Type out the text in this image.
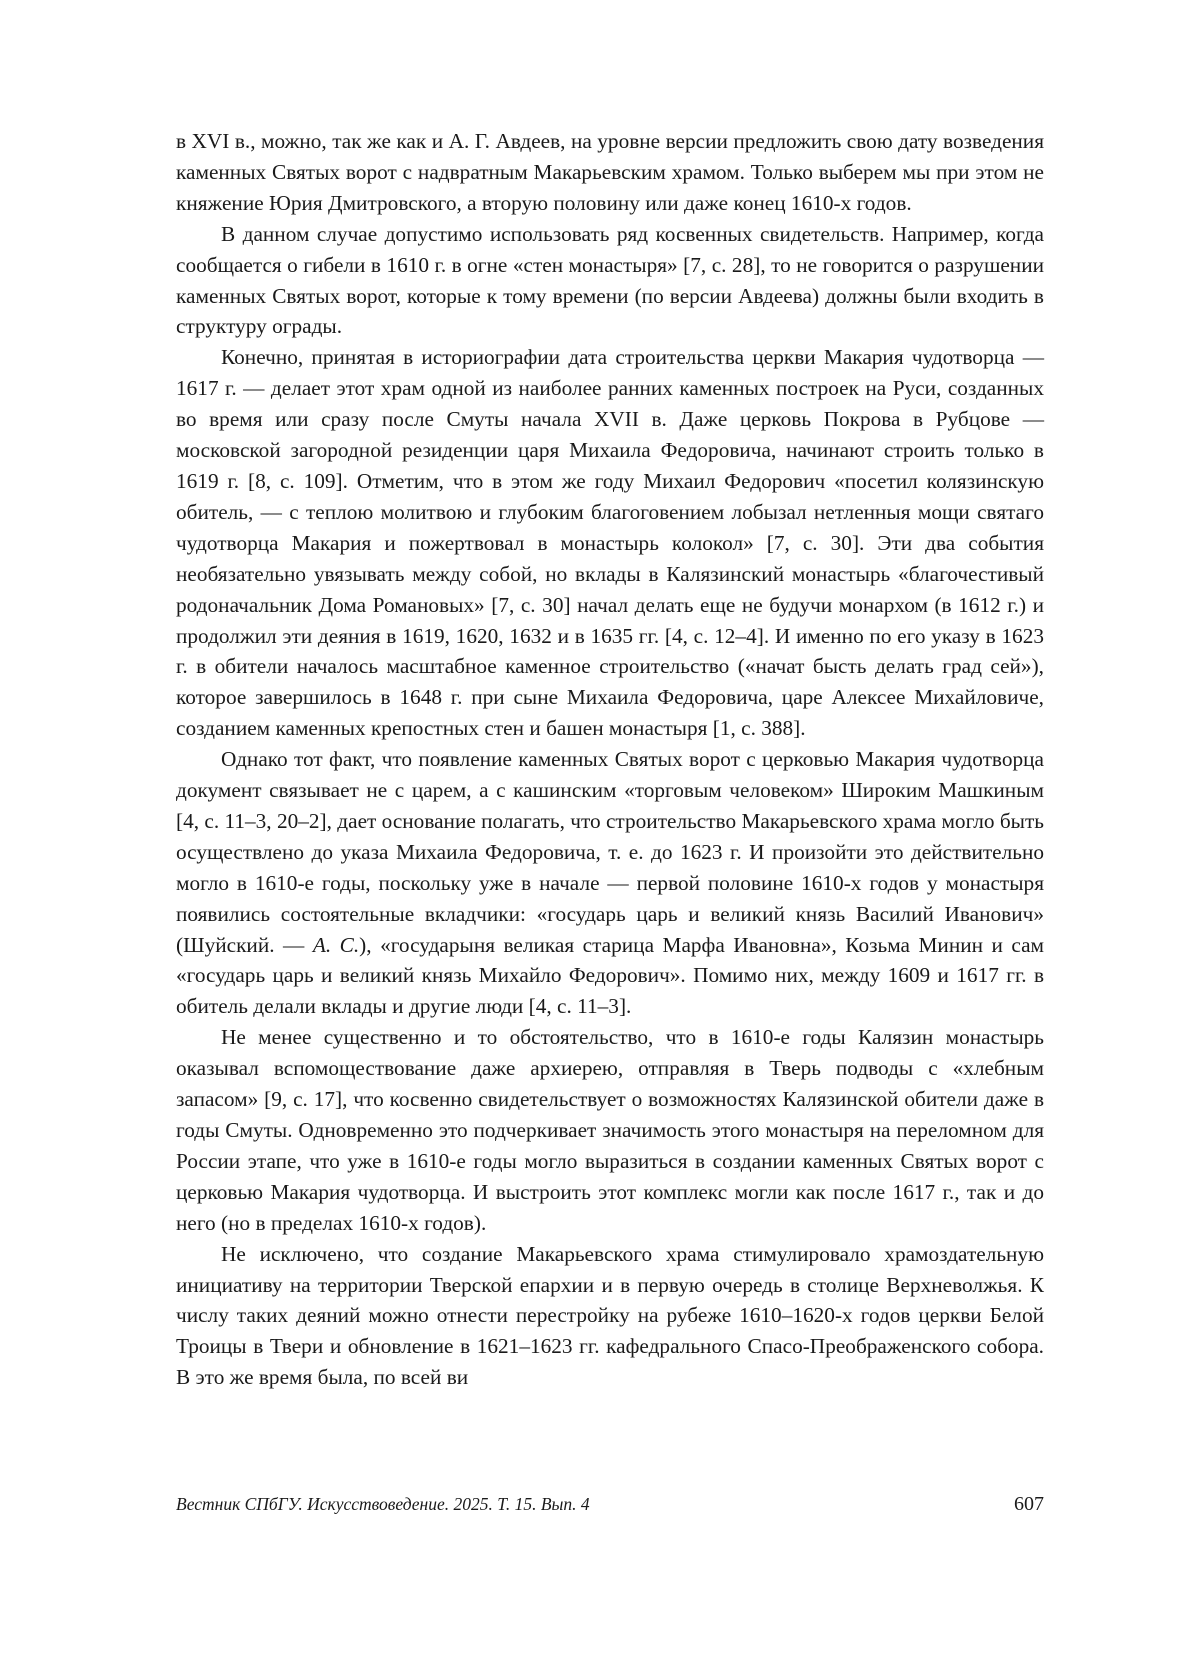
в XVI в., можно, так же как и А. Г. Авдеев, на уровне версии предложить свою дату возведения каменных Святых ворот с надвратным Макарьевским храмом. Только выберем мы при этом не княжение Юрия Дмитровского, а вторую половину или даже конец 1610-х годов.

В данном случае допустимо использовать ряд косвенных свидетельств. Например, когда сообщается о гибели в 1610 г. в огне «стен монастыря» [7, с. 28], то не говорится о разрушении каменных Святых ворот, которые к тому времени (по версии Авдеева) должны были входить в структуру ограды.

Конечно, принятая в историографии дата строительства церкви Макария чудотворца — 1617 г. — делает этот храм одной из наиболее ранних каменных построек на Руси, созданных во время или сразу после Смуты начала XVII в. Даже церковь Покрова в Рубцове — московской загородной резиденции царя Михаила Федоровича, начинают строить только в 1619 г. [8, с. 109]. Отметим, что в этом же году Михаил Федорович «посетил колязинскую обитель, — с теплою молитвою и глубоким благоговением лобызал нетленныя мощи святаго чудотворца Макария и пожертвовал в монастырь колокол» [7, с. 30]. Эти два события необязательно увязывать между собой, но вклады в Калязинский монастырь «благочестивый родоначальник Дома Романовых» [7, с. 30] начал делать еще не будучи монархом (в 1612 г.) и продолжил эти деяния в 1619, 1620, 1632 и в 1635 гг. [4, с. 12–4]. И именно по его указу в 1623 г. в обители началось масштабное каменное строительство («начат бысть делать град сей»), которое завершилось в 1648 г. при сыне Михаила Федоровича, царе Алексее Михайловиче, созданием каменных крепостных стен и башен монастыря [1, с. 388].

Однако тот факт, что появление каменных Святых ворот с церковью Макария чудотворца документ связывает не с царем, а с кашинским «торговым человеком» Широким Машкиным [4, с. 11–3, 20–2], дает основание полагать, что строительство Макарьевского храма могло быть осуществлено до указа Михаила Федоровича, т. е. до 1623 г. И произойти это действительно могло в 1610-е годы, поскольку уже в начале — первой половине 1610-х годов у монастыря появились состоятельные вкладчики: «государь царь и великий князь Василий Иванович» (Шуйский. — А. С.), «государыня великая старица Марфа Ивановна», Козьма Минин и сам «государь царь и великий князь Михайло Федорович». Помимо них, между 1609 и 1617 гг. в обитель делали вклады и другие люди [4, с. 11–3].

Не менее существенно и то обстоятельство, что в 1610-е годы Калязин монастырь оказывал вспомоществование даже архиерею, отправляя в Тверь подводы с «хлебным запасом» [9, с. 17], что косвенно свидетельствует о возможностях Калязинской обители даже в годы Смуты. Одновременно это подчеркивает значимость этого монастыря на переломном для России этапе, что уже в 1610-е годы могло выразиться в создании каменных Святых ворот с церковью Макария чудотворца. И выстроить этот комплекс могли как после 1617 г., так и до него (но в пределах 1610-х годов).

Не исключено, что создание Макарьевского храма стимулировало храмоздательную инициативу на территории Тверской епархии и в первую очередь в столице Верхневолжья. К числу таких деяний можно отнести перестройку на рубеже 1610–1620-х годов церкви Белой Троицы в Твери и обновление в 1621–1623 гг. кафедрального Спасо-Преображенского собора. В это же время была, по всей ви

Вестник СПбГУ. Искусствоведение. 2025. Т. 15. Вып. 4	607
